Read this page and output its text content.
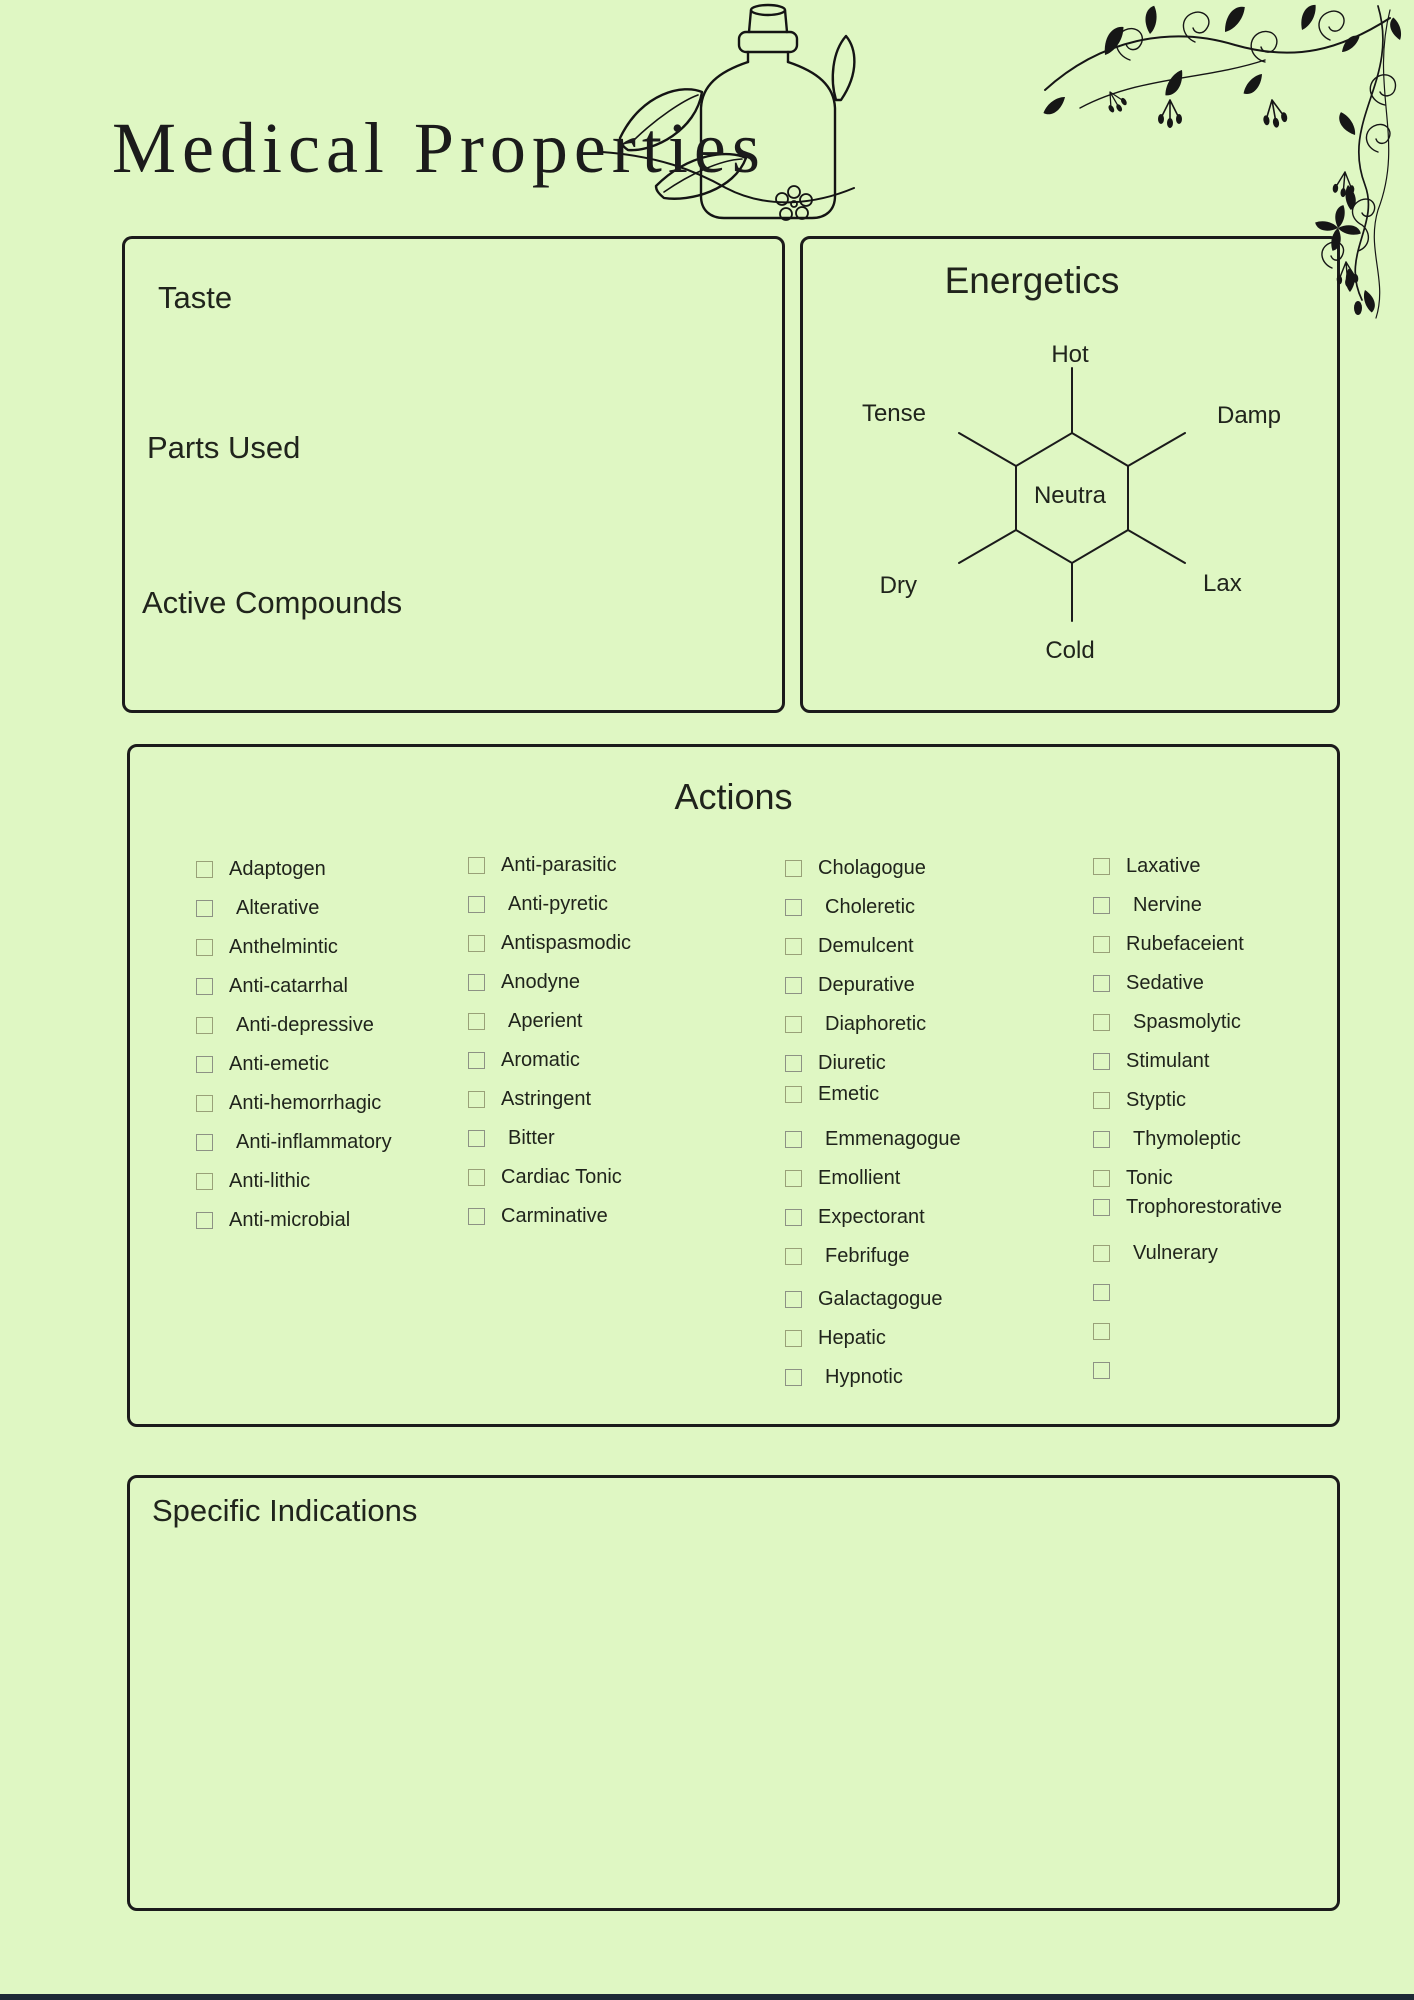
Medical Properties
Taste
Parts Used
Active Compounds
Energetics
Hot
Damp
Lax
Cold
Dry
Tense
Neutra
Actions
Adaptogen
Alterative
Anthelmintic
Anti-catarrhal
Anti-depressive
Anti-emetic
Anti-hemorrhagic
Anti-inflammatory
Anti-lithic
Anti-microbial
Anti-parasitic
Anti-pyretic
Antispasmodic
Anodyne
Aperient
Aromatic
Astringent
Bitter
Cardiac Tonic
Carminative
Cholagogue
Choleretic
Demulcent
Depurative
Diaphoretic
Diuretic
Emetic
Emmenagogue
Emollient
Expectorant
Febrifuge
Galactagogue
Hepatic
Hypnotic
Laxative
Nervine
Rubefaceient
Sedative
Spasmolytic
Stimulant
Styptic
Thymoleptic
Tonic
Trophorestorative
Vulnerary
Specific Indications
